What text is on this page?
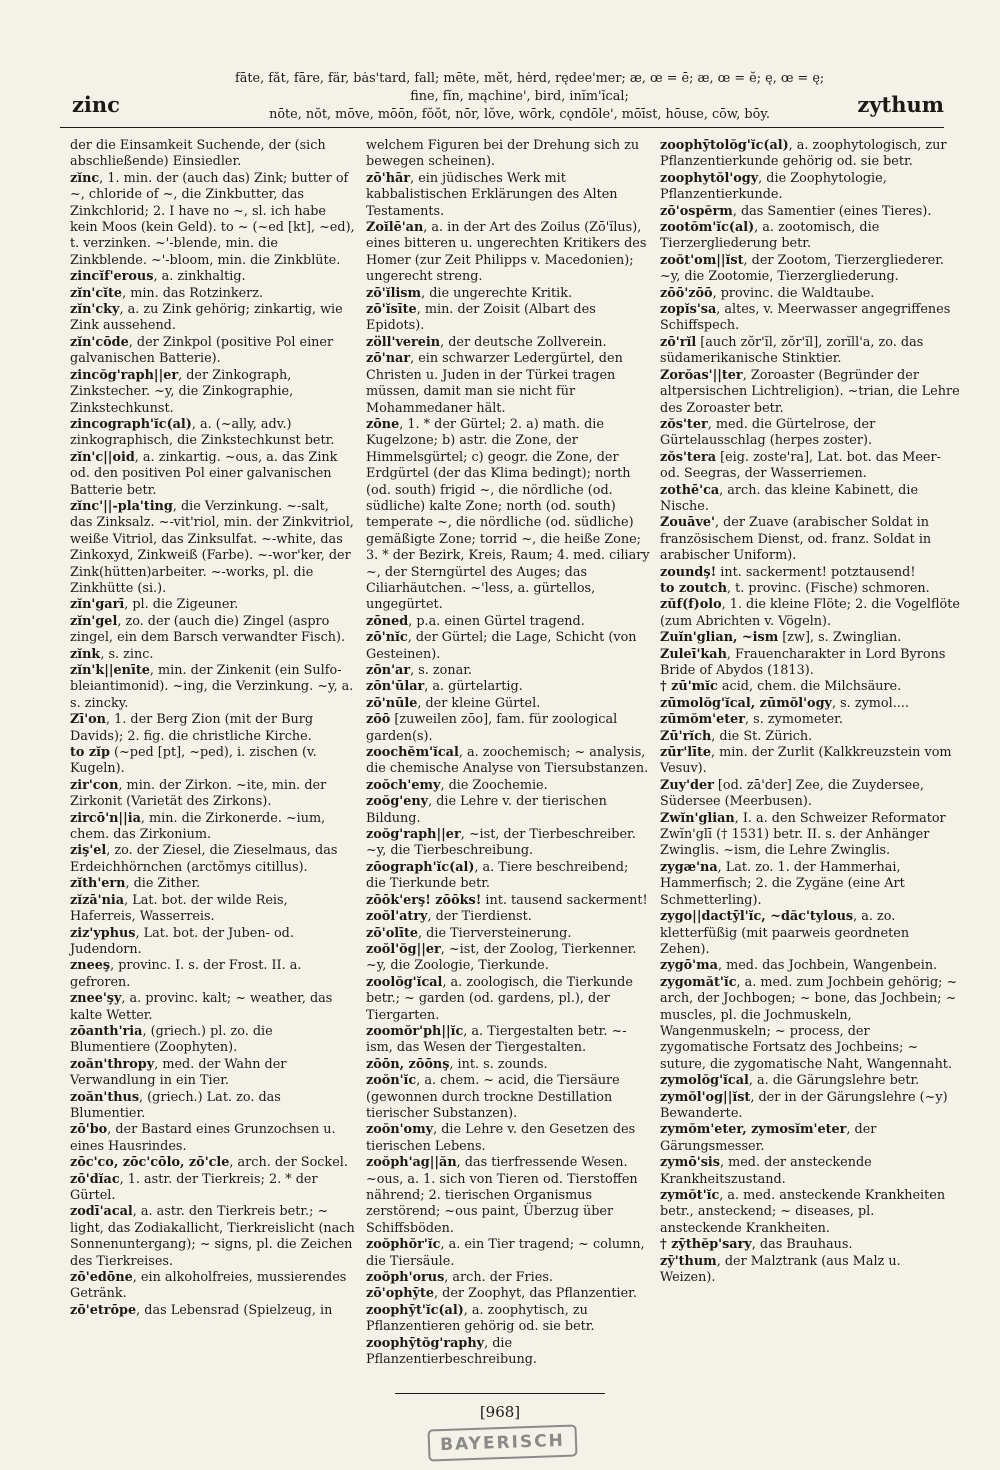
zinc
fāte, făt, fāre, fär, bȧs'tard, fall; mēte, mĕt, hėrd, rędee'mer; æ, œ = ē; æ, œ = ĕ; ę, œ = ę;
fine, fĭn, mąchine', bird, inĭm'ĭcal;
nōte, nŏt, mōve, mōōn, fŏŏt, nōr, lŏve, wōrk, cǫndōle', mōīst, hōuse, cōw, bōy.	zythum

der die Einsamkeit Suchende, der (sich abschließende) Einsiedler.

zĭnc, 1. min. der (auch das) Zink; butter of ~, chloride of ~, die Zinkbutter, das Zinkchlorid; 2. I have no ~, sl. ich habe kein Moos (kein Geld). to ~ (~ed [kt], ~ed), t. verzinken. ~'-blende, min. die Zinkblende. ~'-bloom, min. die Zinkblüte.

zincĭf'erous, a. zinkhaltig.

zĭn'cĭte, min. das Rotzinkerz.

zĭn'cky, a. zu Zink gehörig; zinkartig, wie Zink aussehend.

zĭn'cōde, der Zinkpol (positive Pol einer galvanischen Batterie).

zincŏg'raph||er, der Zinkograph, Zinkstecher. ~y, die Zinkographie, Zinkstechkunst.

zincograph'ĭc(al), a. (~ally, adv.) zinkographisch, die Zinkstechkunst betr.

zĭn'c||oid, a. zinkartig. ~ous, a. das Zink od. den positiven Pol einer galvanischen Batterie betr.

zĭnc'||-pla'ting, die Verzinkung. ~-salt, das Zinksalz. ~-vit'riol, min. der Zinkvitriol, weiße Vitriol, das Zinksulfat. ~-white, das Zinkoxyd, Zinkweiß (Farbe). ~-wor'ker, der Zink(hütten)arbeiter. ~-works, pl. die Zinkhütte (si.).

zĭn'garī, pl. die Zigeuner.

zĭn'gel, zo. der (auch die) Zingel (aspro zingel, ein dem Barsch verwandter Fisch).

zĭnk, s. zinc.

zĭn'k||enīte, min. der Zinkenit (ein Sulfo-bleiantimonid). ~ing, die Verzinkung. ~y, a. s. zincky.

Zī'on, 1. der Berg Zion (mit der Burg Davids); 2. fig. die christliche Kirche.

to zĭp (~ped [pt], ~ped), i. zischen (v. Kugeln).

zir'con, min. der Zirkon. ~ite, min. der Zirkonit (Varietät des Zirkons).

zircō'n||ia, min. die Zirkonerde. ~ium, chem. das Zirkonium.

ziş'el, zo. der Ziesel, die Zieselmaus, das Erdeichhörnchen (arctŏmys citillus).

zĭth'ern, die Zither.

zĭzā'nia, Lat. bot. der wilde Reis, Haferreis, Wasserreis.

ziz'yphus, Lat. bot. der Juben- od. Judendorn.

zneeş, provinc. I. s. der Frost. II. a. gefroren.

znee'şy, a. provinc. kalt; ~ weather, das kalte Wetter.

zōanth'ria, (griech.) pl. zo. die Blumentiere (Zoophyten).

zoăn'thropy, med. der Wahn der Verwandlung in ein Tier.

zoăn'thus, (griech.) Lat. zo. das Blumentier.

zō'bo, der Bastard eines Grunzochsen u. eines Hausrindes.

zōc'co, zōc'cōlo, zō'cle, arch. der Sockel.

zō'dĭac, 1. astr. der Tierkreis; 2. * der Gürtel.

zodī'acal, a. astr. den Tierkreis betr.; ~ light, das Zodiakallicht, Tierkreislicht (nach Sonnenuntergang); ~ signs, pl. die Zeichen des Tierkreises.

zō'edōne, ein alkoholfreies, mussierendes Getränk.

zō'etrōpe, das Lebensrad (Spielzeug, in

welchem Figuren bei der Drehung sich zu bewegen scheinen).

zō'hār, ein jüdisches Werk mit kabbalistischen Erklärungen des Alten Testaments.

Zoĭlē'an, a. in der Art des Zoilus (Zō'ĭlus), eines bitteren u. ungerechten Kritikers des Homer (zur Zeit Philipps v. Macedonien); ungerecht streng.

zō'ĭlism, die ungerechte Kritik.

zō'ĭsīte, min. der Zoisit (Albart des Epidots).

zöll'verein, der deutsche Zollverein.

zō'nar, ein schwarzer Ledergürtel, den Christen u. Juden in der Türkei tragen müssen, damit man sie nicht für Mohammedaner hält.

zōne, 1. * der Gürtel; 2. a) math. die Kugelzone; b) astr. die Zone, der Himmelsgürtel; c) geogr. die Zone, der Erdgürtel (der das Klima bedingt); north (od. south) frigid ~, die nördliche (od. südliche) kalte Zone; north (od. south) temperate ~, die nördliche (od. südliche) gemäßigte Zone; torrid ~, die heiße Zone; 3. * der Bezirk, Kreis, Raum; 4. med. ciliary ~, der Sterngürtel des Auges; das Ciliarhäutchen. ~'less, a. gürtellos, ungegürtet.

zōned, p.a. einen Gürtel tragend.

zō'nĭc, der Gürtel; die Lage, Schicht (von Gesteinen).

zōn'ar, s. zonar.

zōn'ūlar, a. gürtelartig.

zō'nūle, der kleine Gürtel.

zōō [zuweilen zōo], fam. für zoological garden(s).

zoochĕm'ĭcal, a. zoochemisch; ~ analysis, die chemische Analyse von Tiersubstanzen.

zoŏch'emy, die Zoochemie.

zoŏg'eny, die Lehre v. der tierischen Bildung.

zoŏg'raph||er, ~ist, der Tierbeschreiber. ~y, die Tierbeschreibung.

zōograph'ĭc(al), a. Tiere beschreibend; die Tierkunde betr.

zōōk'erş! zōōks! int. tausend sackerment!

zoŏl'atry, der Tierdienst.

zō'olīte, die Tierversteinerung.

zoŏl'ŏg||er, ~ist, der Zoolog, Tierkenner. ~y, die Zoologie, Tierkunde.

zoolŏg'ĭcal, a. zoologisch, die Tierkunde betr.; ~ garden (od. gardens, pl.), der Tiergarten.

zoomŏr'ph||ĭc, a. Tiergestalten betr. ~-ism, das Wesen der Tiergestalten.

zōōn, zōōnş, int. s. zounds.

zoŏn'ĭc, a. chem. ~ acid, die Tiersäure (gewonnen durch trockne Destillation tierischer Substanzen).

zoŏn'omy, die Lehre v. den Gesetzen des tierischen Lebens.

zoŏph'ag||ăn, das tierfressende Wesen. ~ous, a. 1. sich von Tieren od. Tierstoffen nährend; 2. tierischen Organismus zerstörend; ~ous paint, Überzug über Schiffsböden.

zoŏphŏr'ĭc, a. ein Tier tragend; ~ column, die Tiersäule.

zoŏph'orus, arch. der Fries.

zō'ophȳte, der Zoophyt, das Pflanzentier.

zoophȳt'ĭc(al), a. zoophytisch, zu Pflanzentieren gehörig od. sie betr.

zoophȳtŏg'raphy, die Pflanzentierbeschreibung.

zoophȳtolŏg'ĭc(al), a. zoophytologisch, zur Pflanzentierkunde gehörig od. sie betr.

zoophytŏl'ogy, die Zoophytologie, Pflanzentierkunde.

zō'ospĕrm, das Samentier (eines Tieres).

zootŏm'ĭc(al), a. zootomisch, die Tierzergliederung betr.

zoŏt'om||ĭst, der Zootom, Tierzergliederer. ~y, die Zootomie, Tierzergliederung.

zōō'zōō, provinc. die Waldtaube.

zopĭs'sa, altes, v. Meerwasser angegriffenes Schiffspech.

zō'rĭl [auch zŏr'ĭl, zŏr'ĭl], zorĭll'a, zo. das südamerikanische Stinktier.

Zorŏas'||ter, Zoroaster (Begründer der altpersischen Lichtreligion). ~trian, die Lehre des Zoroaster betr.

zŏs'ter, med. die Gürtelrose, der Gürtelausschlag (herpes zoster).

zŏs'tera [eig. zoste'ra], Lat. bot. das Meer- od. Seegras, der Wasserriemen.

zothē'ca, arch. das kleine Kabinett, die Nische.

Zouāve', der Zuave (arabischer Soldat in französischem Dienst, od. franz. Soldat in arabischer Uniform).

zoundş! int. sackerment! potztausend!

to zoutch, t. provinc. (Fische) schmoren.

zŭf(f)olo, 1. die kleine Flöte; 2. die Vogelflöte (zum Abrichten v. Vögeln).

Zuĭn'glian, ~ism [zw], s. Zwinglian.

Zuleī'kah, Frauencharakter in Lord Byrons Bride of Abydos (1813).

† zū'mĭc acid, chem. die Milchsäure.

zūmolŏg'ĭcal, zūmŏl'ogy, s. zymol....

zūmŏm'eter, s. zymometer.

Zū'rĭch, die St. Zürich.

zūr'līte, min. der Zurlit (Kalkkreuzstein vom Vesuv).

Zuy'der [od. zā'der] Zee, die Zuydersee, Südersee (Meerbusen).

Zwĭn'glian, I. a. den Schweizer Reformator Zwĭn'glī († 1531) betr. II. s. der Anhänger Zwinglis. ~ism, die Lehre Zwinglis.

zygæ'na, Lat. zo. 1. der Hammerhai, Hammerfisch; 2. die Zygäne (eine Art Schmetterling).

zygo||dactȳl'ĭc, ~dăc'tylous, a. zo. kletterfüßig (mit paarweis geordneten Zehen).

zygō'ma, med. das Jochbein, Wangenbein.

zygomăt'ĭc, a. med. zum Jochbein gehörig; ~ arch, der Jochbogen; ~ bone, das Jochbein; ~ muscles, pl. die Jochmuskeln, Wangenmuskeln; ~ process, der zygomatische Fortsatz des Jochbeins; ~ suture, die zygomatische Naht, Wangennaht.

zymolŏg'ĭcal, a. die Gärungslehre betr.

zymŏl'og||ĭst, der in der Gärungslehre (~y) Bewanderte.

zymŏm'eter, zymosĭm'eter, der Gärungsmesser.

zymō'sis, med. der ansteckende Krankheitszustand.

zymŏt'ĭc, a. med. ansteckende Krankheiten betr., ansteckend; ~ diseases, pl. ansteckende Krankheiten.

† zȳthĕp'sary, das Brauhaus.

zȳ'thum, der Malztrank (aus Malz u. Weizen).

[968]
BAYERISCH
